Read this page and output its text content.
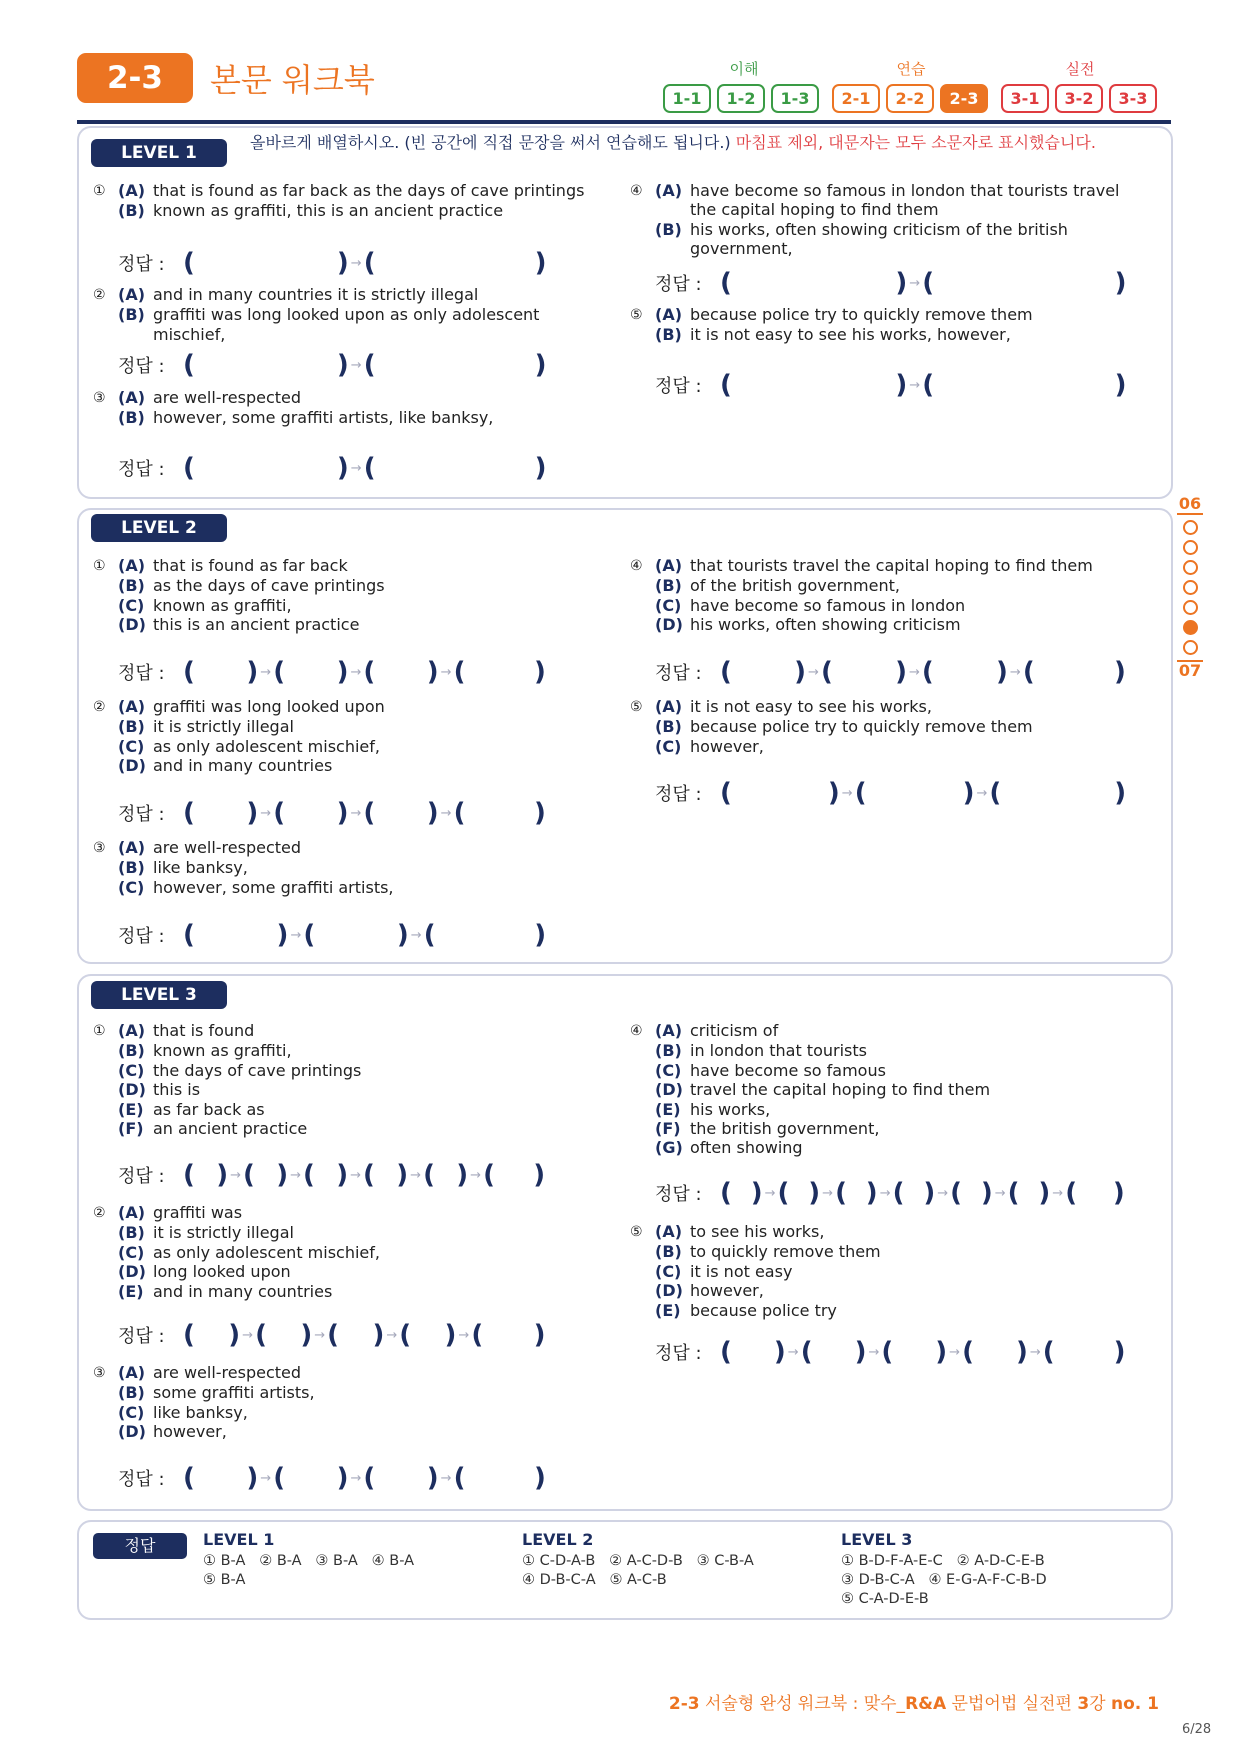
2-3	본문 워크북	이해	연습	실전
1-1	1-2	1-3	2-1	2-2	2-3	3-1	3-2	3-3
LEVEL 1
LEVEL 2
LEVEL 3
올바르게 배열하시오. (빈 공간에 직접 문장을 써서 연습해도 됩니다.) 마침표 제외, 대문자는 모두 소문자로 표시했습니다.
① (A) that is found as far back as the days of cave printings
(B) known as graffiti, this is an ancient practice
정답 : (	) → (	)
② (A) and in many countries it is strictly illegal
(B) graffiti was long looked upon as only adolescent mischief,
정답 : (	) → (	)
③ (A) are well-respected
(B) however, some graffiti artists, like banksy,
정답 : (	) → (	)
④ (A) have become so famous in london that tourists travel the capital hoping to find them
(B) his works, often showing criticism of the british government,
정답 : (	) → (	)
⑤ (A) because police try to quickly remove them
(B) it is not easy to see his works, however,
정답 : (	) → (	)
① (A) that is found as far back
(B) as the days of cave printings
(C) known as graffiti,
(D) this is an ancient practice
정답 : ( ) → ( ) → ( ) → (	)
② (A) graffiti was long looked upon
(B) it is strictly illegal
(C) as only adolescent mischief,
(D) and in many countries
정답 : ( ) → ( ) → ( ) → (	)
③ (A) are well-respected
(B) like banksy,
(C) however, some graffiti artists,
정답 : (	) → (	) → (	)
④ (A) that tourists travel the capital hoping to find them
(B) of the british government,
(C) have become so famous in london
(D) his works, often showing criticism
정답 : ( ) → ( ) → ( ) → (	)
⑤ (A) it is not easy to see his works,
(B) because police try to quickly remove them
(C) however,
정답 : (	) → (	) → (	)
① (A) that is found
(B) known as graffiti,
(C) the days of cave printings
(D) this is
(E) as far back as
(F) an ancient practice
정답 : ( ) → ( ) → ( ) → ( ) → ( ) → ( )
② (A) graffiti was
(B) it is strictly illegal
(C) as only adolescent mischief,
(D) long looked upon
(E) and in many countries
정답 : ( ) → ( ) → ( ) → ( ) → ( )
③ (A) are well-respected
(B) some graffiti artists,
(C) like banksy,
(D) however,
정답 : ( ) → ( ) → ( ) → (	)
④ (A) criticism of
(B) in london that tourists
(C) have become so famous
(D) travel the capital hoping to find them
(E) his works,
(F) the british government,
(G) often showing
정답 : ( ) → ( ) → ( ) → ( ) → ( ) → ( ) → ( )
⑤ (A) to see his works,
(B) to quickly remove them
(C) it is not easy
(D) however,
(E) because police try
정답 : ( ) → ( ) → ( ) → ( ) → ( )
정답	LEVEL 1
① B-A   ② B-A   ③ B-A   ④ B-A
⑤ B-A
LEVEL 2
① C-D-A-B   ② A-C-D-B   ③ C-B-A
④ D-B-C-A   ⑤ A-C-B
LEVEL 3
① B-D-F-A-E-C   ② A-D-C-E-B
③ D-B-C-A   ④ E-G-A-F-C-B-D
⑤ C-A-D-E-B
06
07
2-3 서술형 완성 워크북 : 맞수_R&A 문법어법 실전편 3강 no. 1
6/28
